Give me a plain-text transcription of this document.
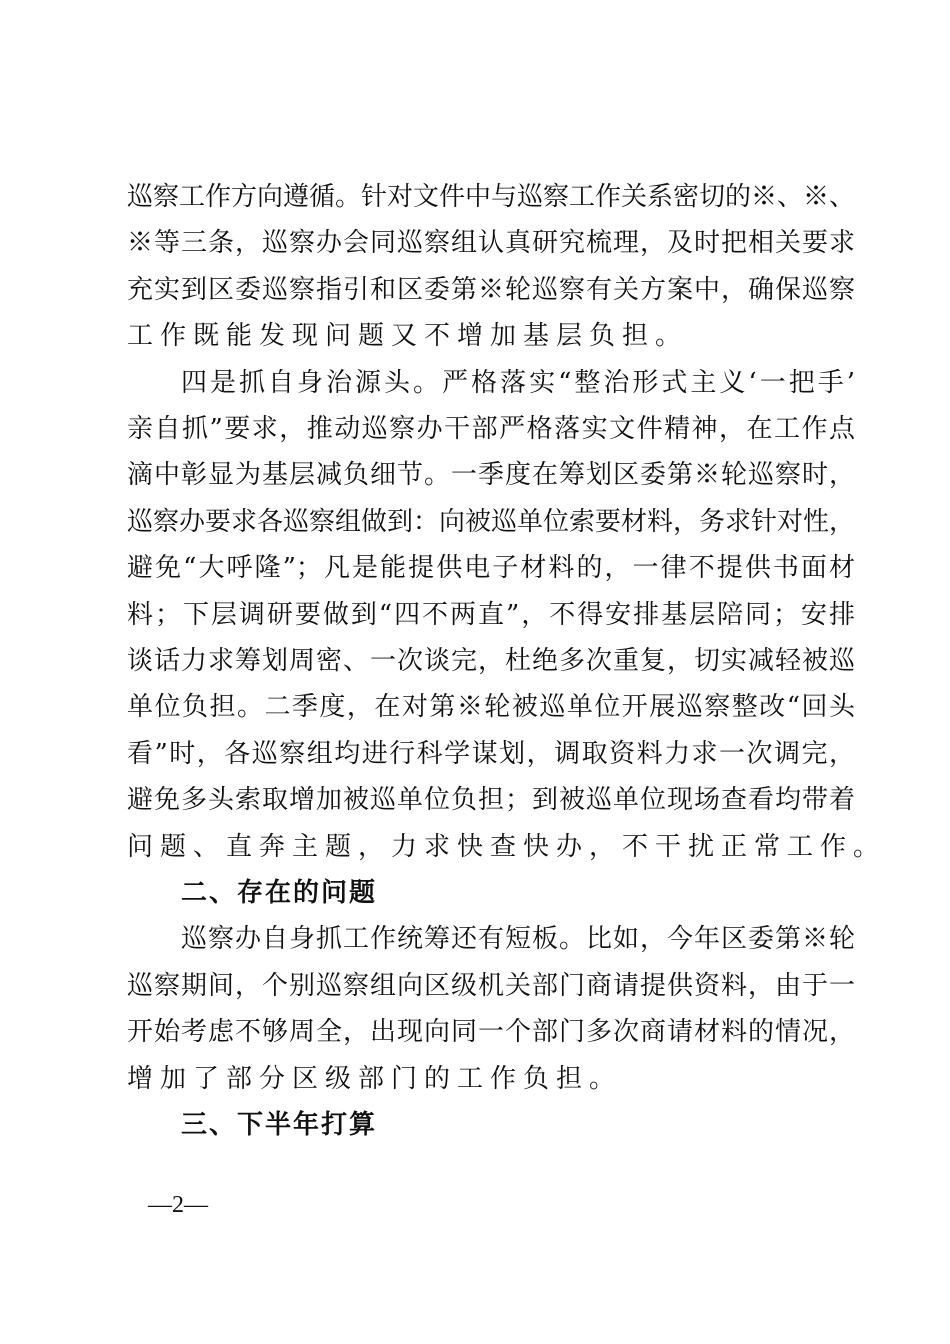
巡察工作方向遵循。针对文件中与巡察工作关系密切的※、※、
※等三条，巡察办会同巡察组认真研究梳理，及时把相关要求
充实到区委巡察指引和区委第※轮巡察有关方案中，确保巡察
工作既能发现问题又不增加基层负担。
四是抓自身治源头。严格落实“整治形式主义‘一把手’
亲自抓”要求，推动巡察办干部严格落实文件精神，在工作点
滴中彰显为基层减负细节。一季度在筹划区委第※轮巡察时，
巡察办要求各巡察组做到：向被巡单位索要材料，务求针对性，
避免“大呼隆”；凡是能提供电子材料的，一律不提供书面材
料；下层调研要做到“四不两直”，不得安排基层陪同；安排
谈话力求筹划周密、一次谈完，杜绝多次重复，切实减轻被巡
单位负担。二季度，在对第※轮被巡单位开展巡察整改“回头
看”时，各巡察组均进行科学谋划，调取资料力求一次调完，
避免多头索取增加被巡单位负担；到被巡单位现场查看均带着
问题、直奔主题，力求快查快办，不干扰正常工作。
二、存在的问题
巡察办自身抓工作统筹还有短板。比如，今年区委第※轮
巡察期间，个别巡察组向区级机关部门商请提供资料，由于一
开始考虑不够周全，出现向同一个部门多次商请材料的情况，
增加了部分区级部门的工作负担。
三、下半年打算
—2—
